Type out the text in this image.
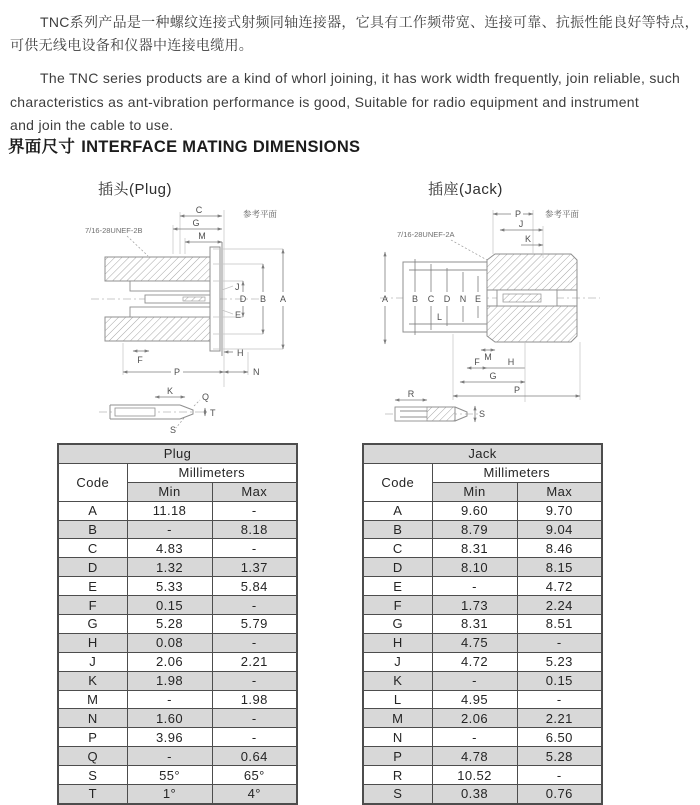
TNC系列产品是一种螺纹连接式射频同轴连接器，它具有工作频带宽、连接可靠、抗振性能良好等特点，
可供无线电设备和仪器中连接电缆用。

The TNC series products are a kind of whorl joining, it has work width frequently, join reliable, such
characteristics as ant-vibration performance is good, Suitable for radio equipment and instrument
and join the cable to use.

界面尺寸 INTERFACE MATING DIMENSIONS
插头(Plug)	插座(Jack)
C
G
M
参考平面
7/16-28UNEF-2B
J
E
F
D B A
H
P	N
K
Q
T
S
P	参考平面
J
K
7/16-28UNEF-2A
A	B C D N E
L
M
F	H
G
P
R
S
Plug		
Code	Millimeters	
	Min	Max
A	11.18	-
B	-	8.18
C	4.83	-
D	1.32	1.37
E	5.33	5.84
F	0.15	-
G	5.28	5.79
H	0.08	-
J	2.06	2.21
K	1.98	-
M	-	1.98
N	1.60	-
P	3.96	-
Q	-	0.64
S	55°	65°
T	1°	4°
Jack		
Code	Millimeters	
	Min	Max
A	9.60	9.70
B	8.79	9.04
C	8.31	8.46
D	8.10	8.15
E	-	4.72
F	1.73	2.24
G	8.31	8.51
H	4.75	-
J	4.72	5.23
K	-	0.15
L	4.95	-
M	2.06	2.21
N	-	6.50
P	4.78	5.28
R	10.52	-
S	0.38	0.76
